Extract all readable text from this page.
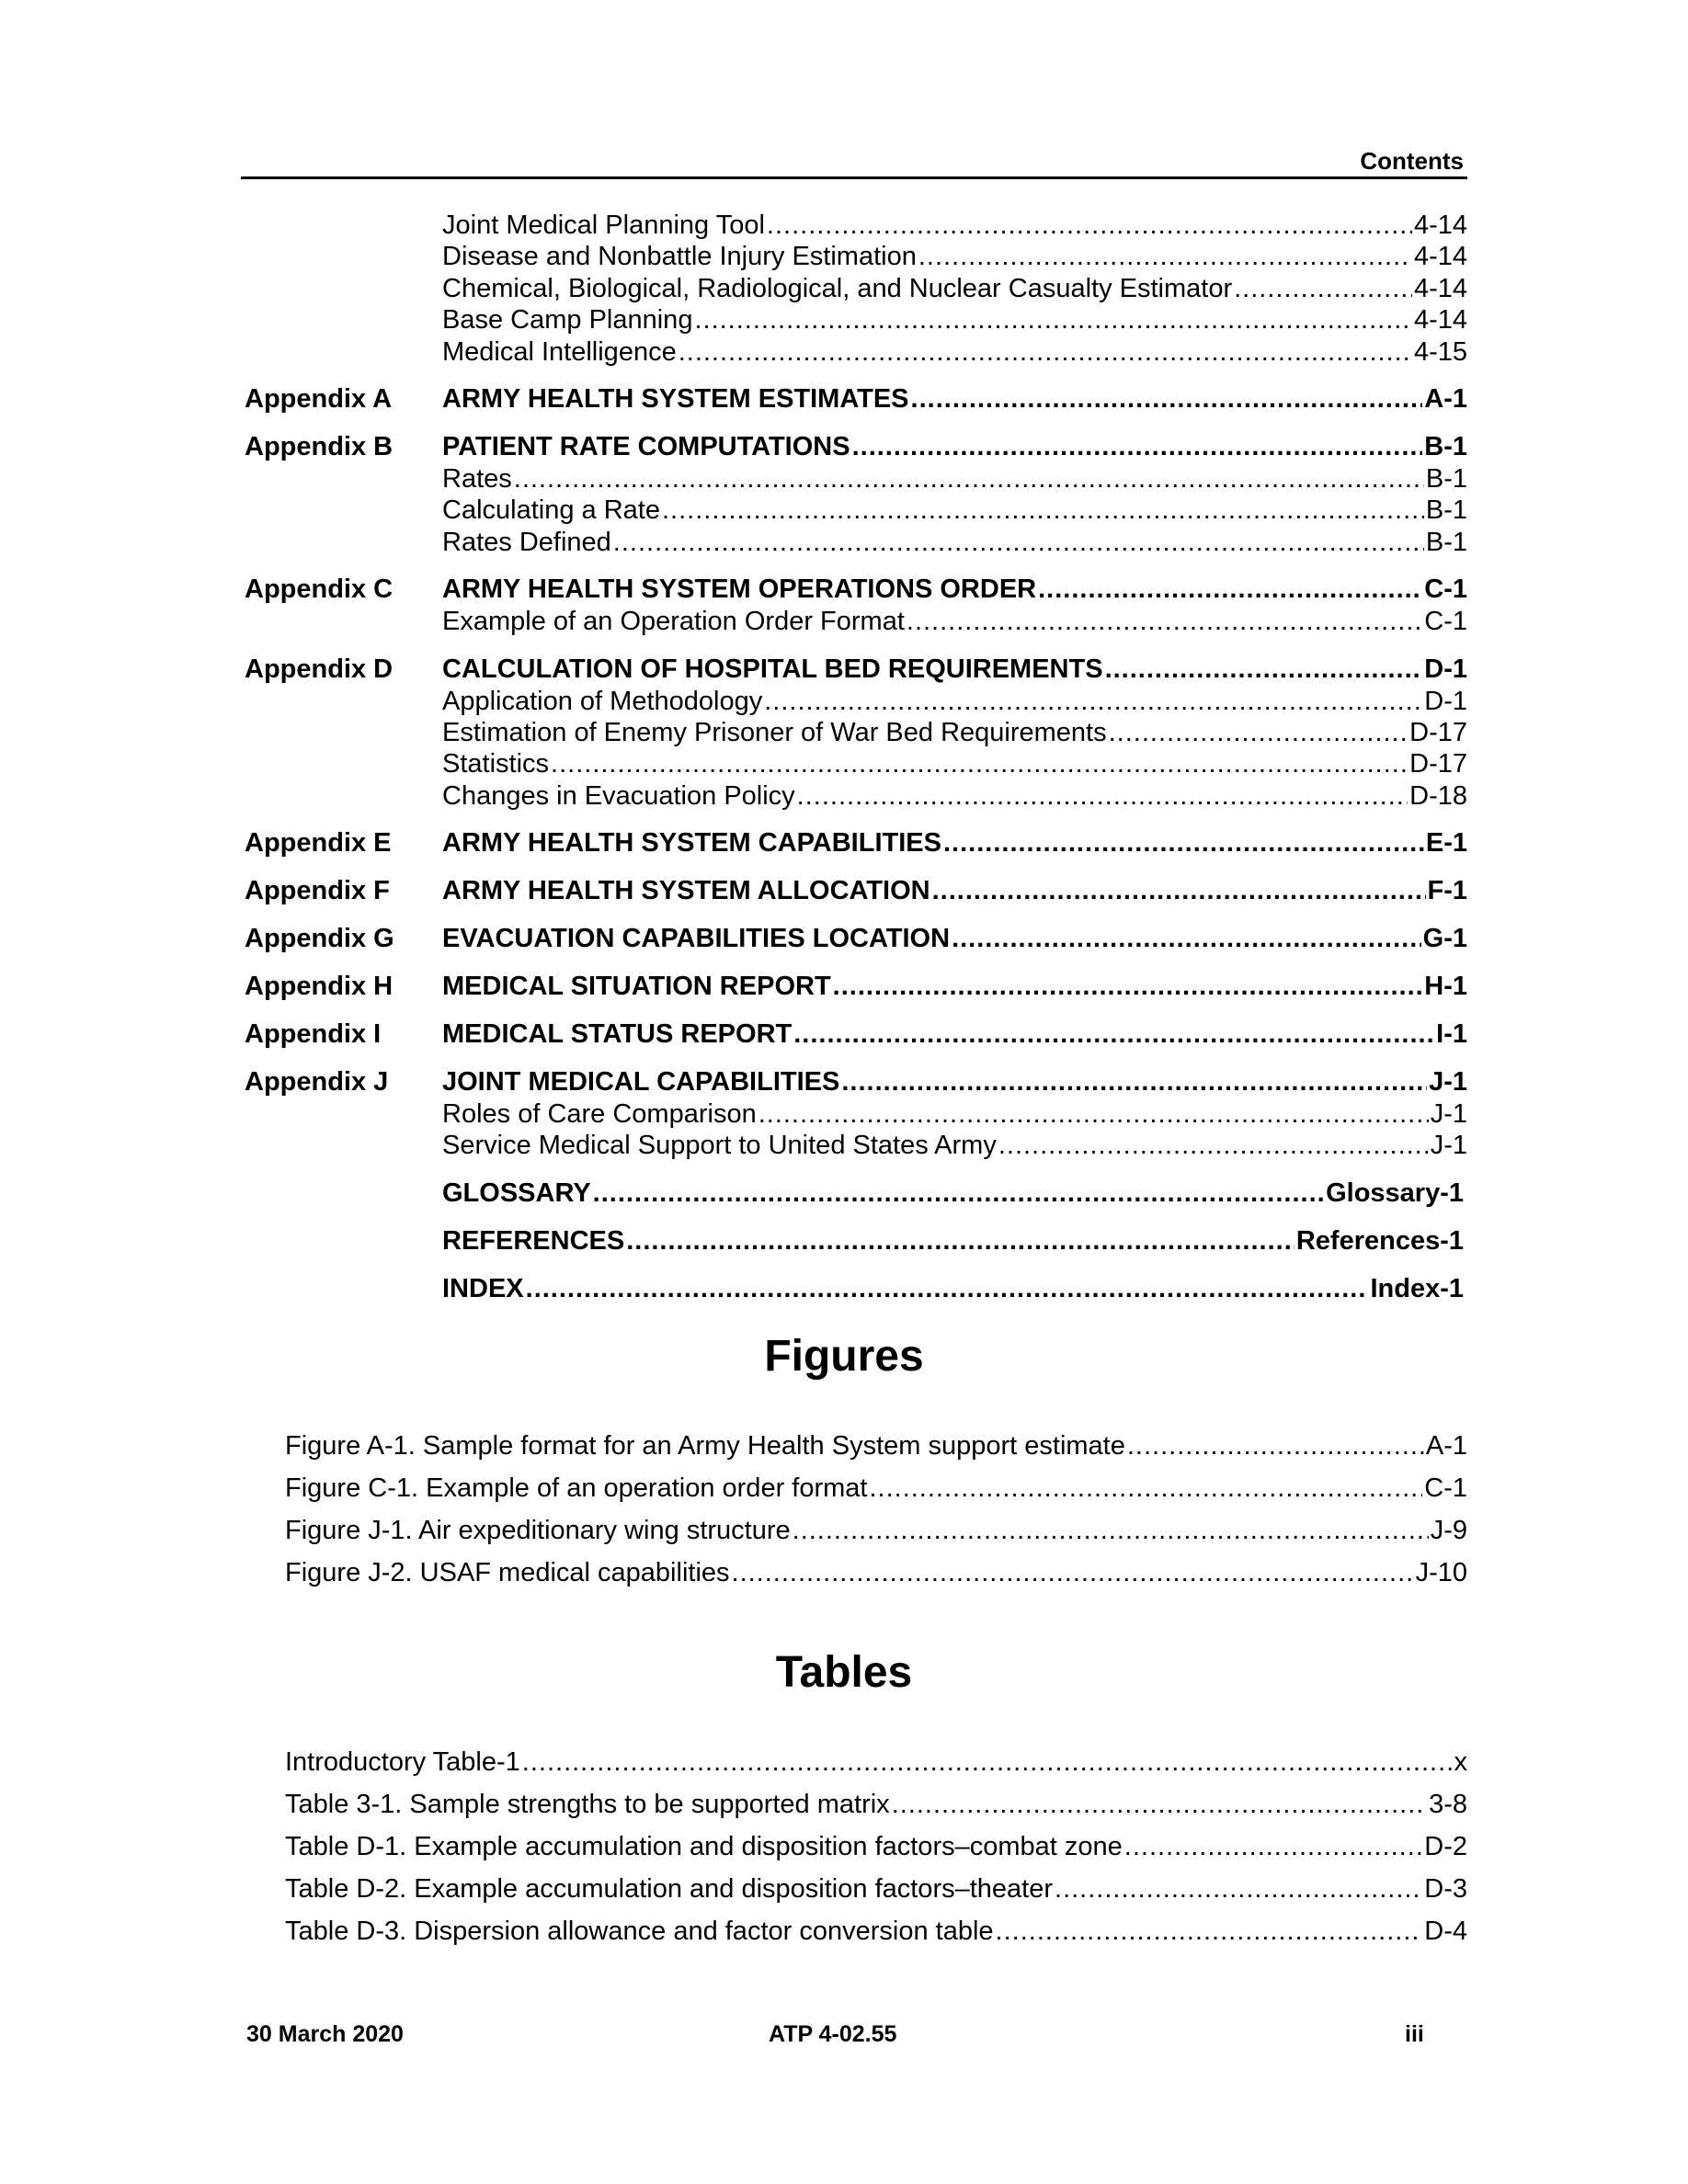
Contents
Joint Medical Planning Tool .....	4-14
Disease and Nonbattle Injury Estimation .....	4-14
Chemical, Biological, Radiological, and Nuclear Casualty Estimator .....	4-14
Base Camp Planning .....	4-14
Medical Intelligence .....	4-15
Appendix A	ARMY HEALTH SYSTEM ESTIMATES .....	A-1
Appendix B	PATIENT RATE COMPUTATIONS .....	B-1
Rates .....	B-1
Calculating a Rate .....	B-1
Rates Defined .....	B-1
Appendix C	ARMY HEALTH SYSTEM OPERATIONS ORDER .....	C-1
Example of an Operation Order Format .....	C-1
Appendix D	CALCULATION OF HOSPITAL BED REQUIREMENTS .....	D-1
Application of Methodology .....	D-1
Estimation of Enemy Prisoner of War Bed Requirements .....	D-17
Statistics .....	D-17
Changes in Evacuation Policy .....	D-18
Appendix E	ARMY HEALTH SYSTEM CAPABILITIES .....	E-1
Appendix F	ARMY HEALTH SYSTEM ALLOCATION .....	F-1
Appendix G	EVACUATION CAPABILITIES LOCATION .....	G-1
Appendix H	MEDICAL SITUATION REPORT .....	H-1
Appendix I	MEDICAL STATUS REPORT .....	I-1
Appendix J	JOINT MEDICAL CAPABILITIES .....	J-1
Roles of Care Comparison .....	J-1
Service Medical Support to United States Army .....	J-1
GLOSSARY .....	Glossary-1
REFERENCES .....	References-1
INDEX .....	Index-1
Figures
Figure A-1. Sample format for an Army Health System support estimate .....	A-1
Figure C-1. Example of an operation order format .....	C-1
Figure J-1. Air expeditionary wing structure .....	J-9
Figure J-2. USAF medical capabilities .....	J-10
Tables
Introductory Table-1 .....	x
Table 3-1. Sample strengths to be supported matrix .....	3-8
Table D-1. Example accumulation and disposition factors–combat zone .....	D-2
Table D-2. Example accumulation and disposition factors–theater .....	D-3
Table D-3. Dispersion allowance and factor conversion table .....	D-4
30 March 2020	ATP 4-02.55	iii
